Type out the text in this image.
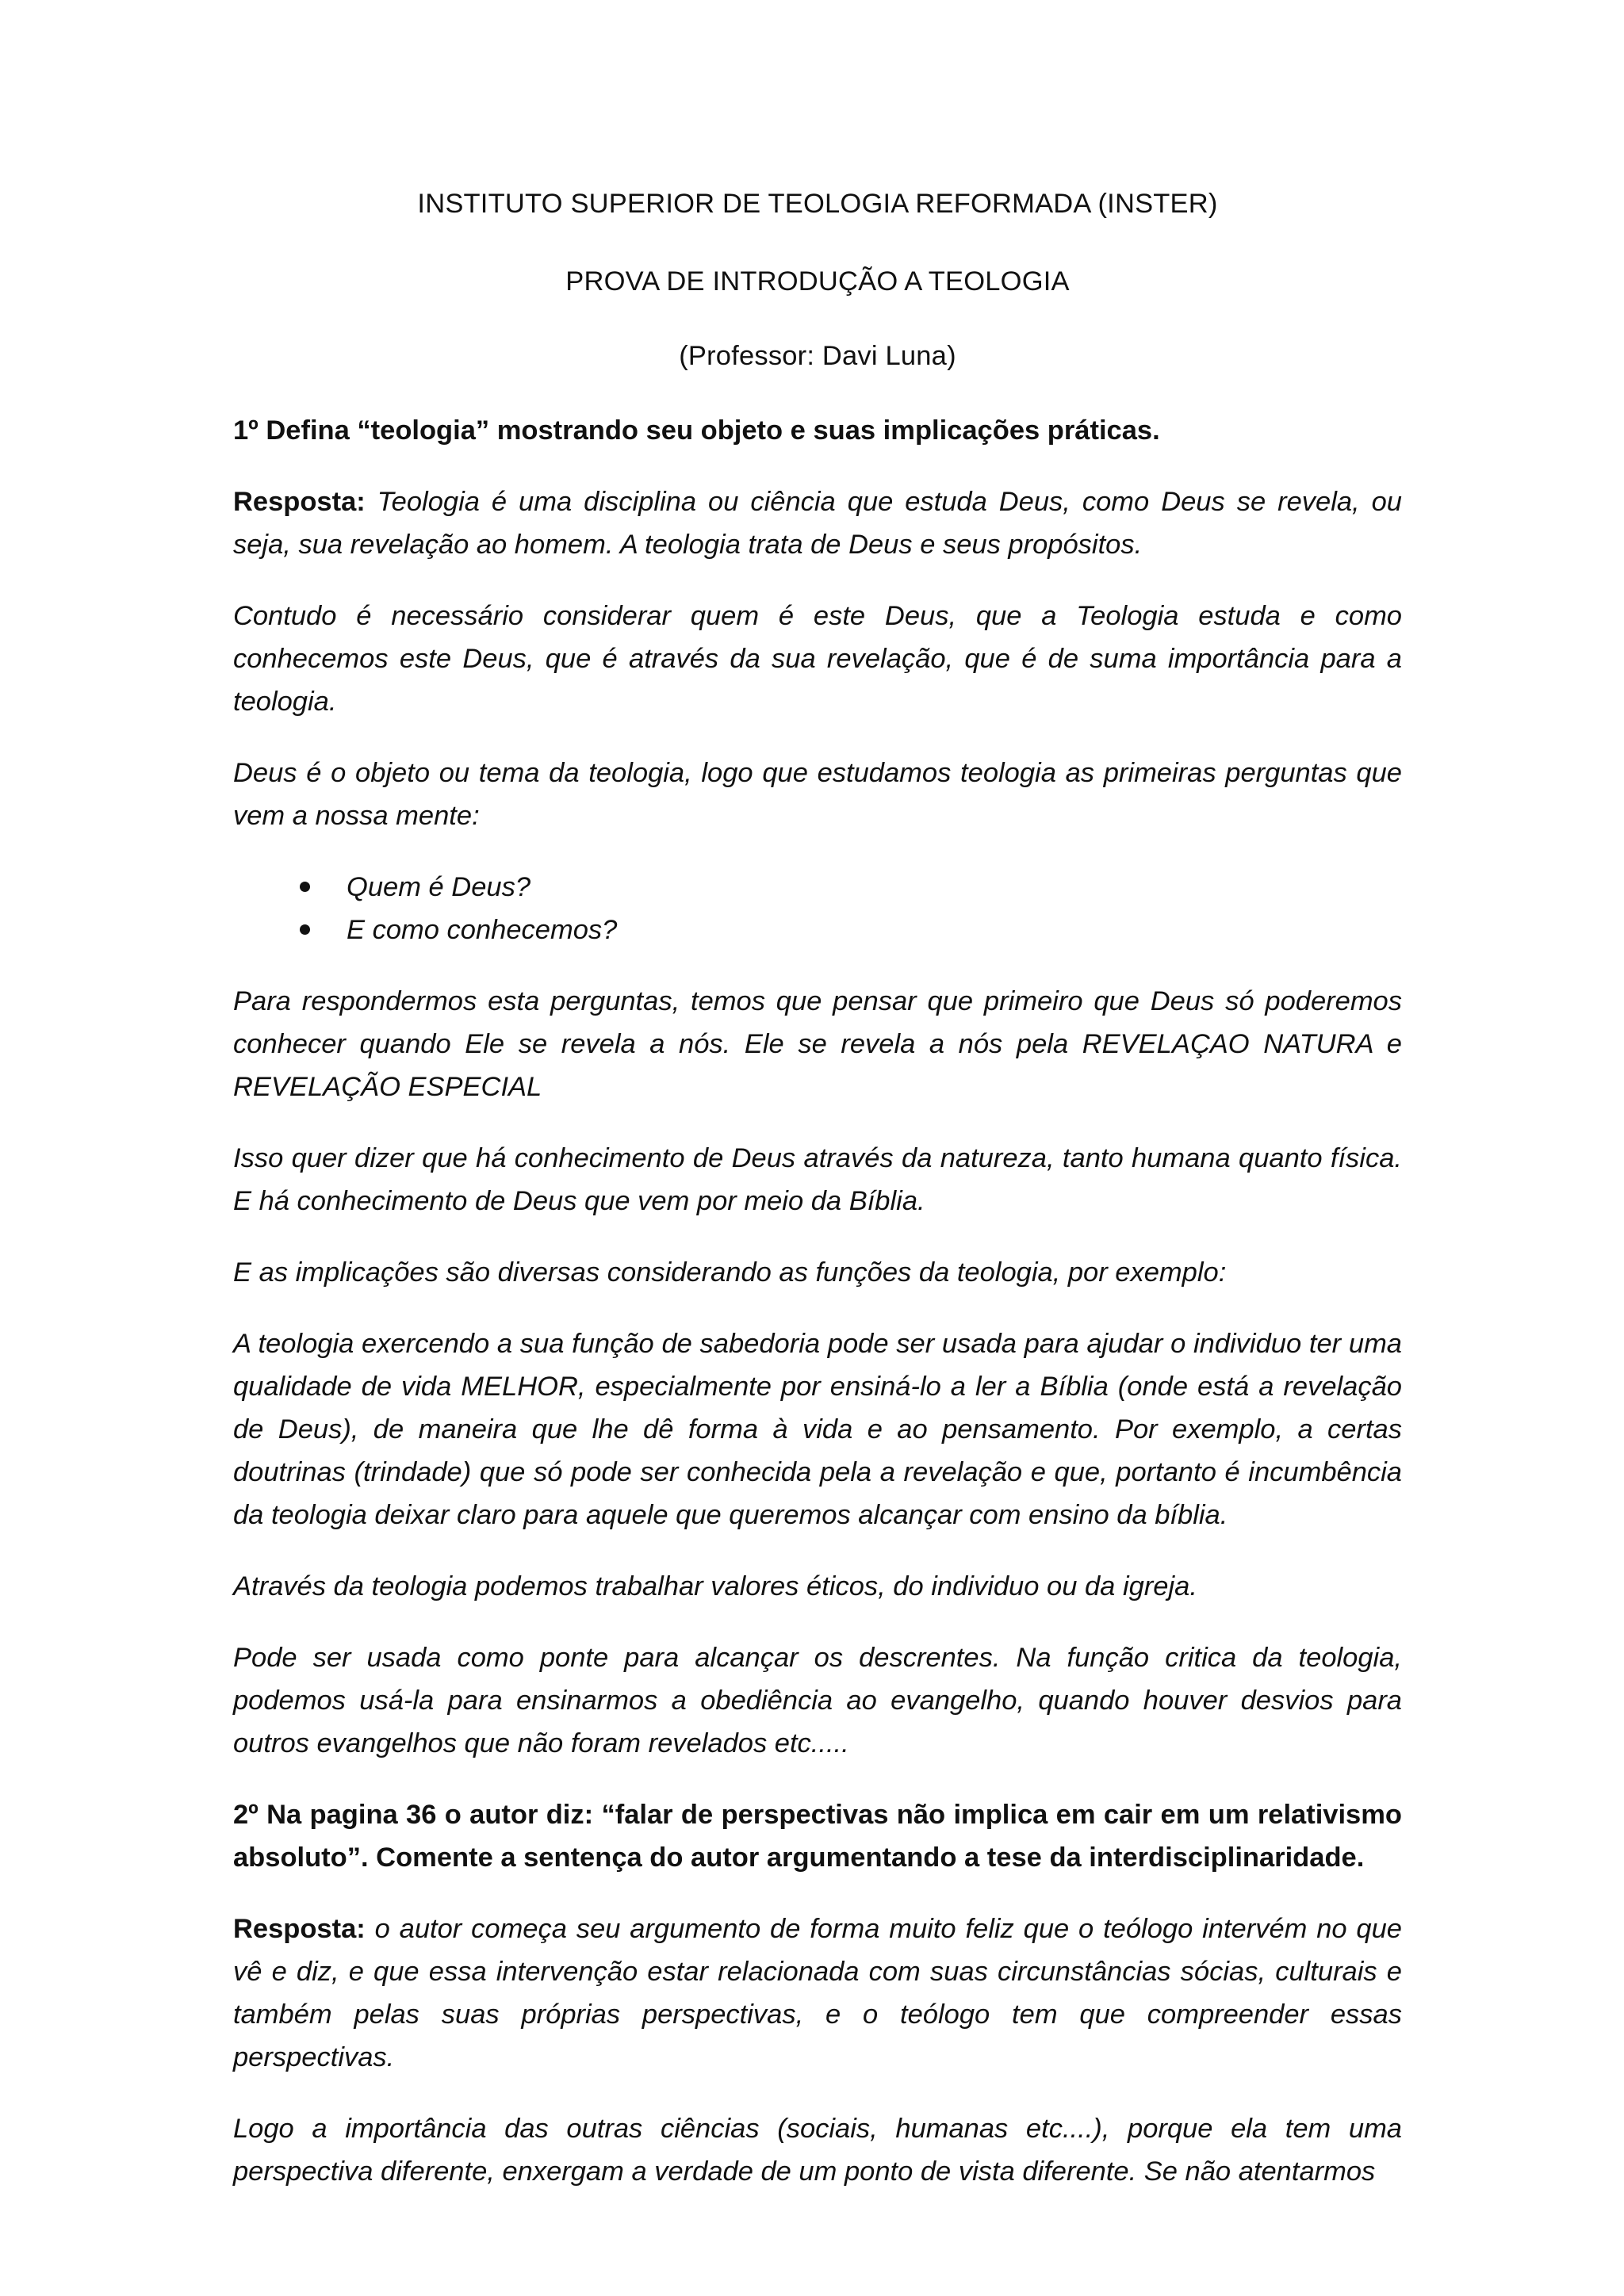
INSTITUTO SUPERIOR DE TEOLOGIA REFORMADA (INSTER)
PROVA DE INTRODUÇÃO A TEOLOGIA
(Professor: Davi Luna)
1º Defina “teologia” mostrando seu objeto e suas implicações práticas.

Resposta: Teologia é uma disciplina ou ciência que estuda Deus, como Deus se revela, ou seja, sua revelação ao homem. A teologia trata de Deus e seus propósitos.

Contudo é necessário considerar quem é este Deus, que a Teologia estuda e como conhecemos este Deus, que é através da sua revelação, que é de suma importância para a teologia.

Deus é o objeto ou tema da teologia, logo que estudamos teologia as primeiras perguntas que vem a nossa mente:

Quem é Deus?
E como conhecemos?

Para respondermos esta perguntas, temos que pensar que primeiro que Deus só poderemos conhecer quando Ele se revela a nós. Ele se revela a nós pela REVELAÇAO NATURA e REVELAÇÃO ESPECIAL

Isso quer dizer que há conhecimento de Deus através da natureza, tanto humana quanto física. E há conhecimento de Deus que vem por meio da Bíblia.

E as implicações são diversas considerando as funções da teologia, por exemplo:

A teologia exercendo a sua função de sabedoria pode ser usada para ajudar o individuo ter uma qualidade de vida MELHOR, especialmente por ensiná-lo a ler a Bíblia (onde está a revelação de Deus), de maneira que lhe dê forma à vida e ao pensamento. Por exemplo, a certas doutrinas (trindade) que só pode ser conhecida pela a revelação e que, portanto é incumbência da teologia deixar claro para aquele que queremos alcançar com ensino da bíblia.

Através da teologia podemos trabalhar valores éticos, do individuo ou da igreja.

Pode ser usada como ponte para alcançar os descrentes. Na função critica da teologia, podemos usá-la para ensinarmos a obediência ao evangelho, quando houver desvios para outros evangelhos que não foram revelados etc.....

2º Na pagina 36 o autor diz: “falar de perspectivas não implica em cair em um relativismo absoluto”. Comente a sentença do autor argumentando a tese da interdisciplinaridade.

Resposta: o autor começa seu argumento de forma muito feliz que o teólogo intervém no que vê e diz, e que essa intervenção estar relacionada com suas circunstâncias sócias, culturais e também pelas suas próprias perspectivas, e o teólogo tem que compreender essas perspectivas.

Logo a importância das outras ciências (sociais, humanas etc....), porque ela tem uma perspectiva diferente, enxergam a verdade de um ponto de vista diferente. Se não atentarmos
